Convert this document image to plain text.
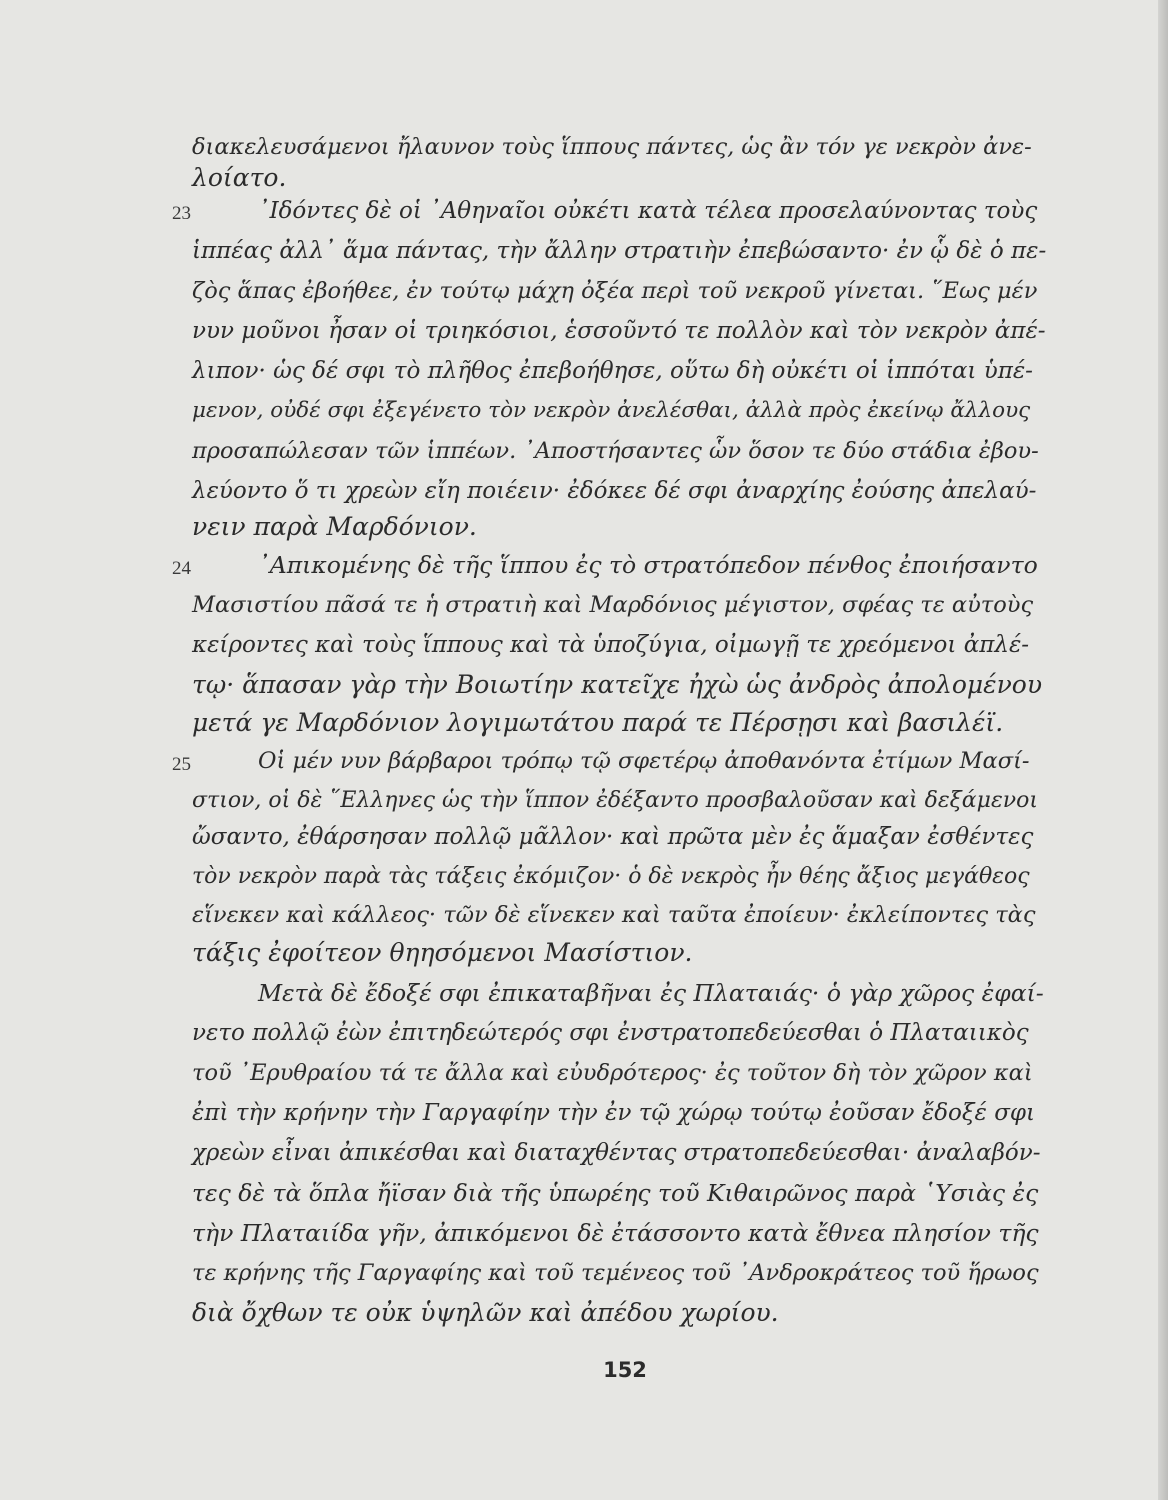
διακελευσάμενοι ἤλαυνον τοὺς ἵππους πάντες, ὡς ἂν τόν γε νεκρὸν ἀνε-
λοίατο.
23	᾽Ιδόντες δὲ οἱ ᾽Αθηναῖοι οὐκέτι κατὰ τέλεα προσελαύνοντας τοὺς
ἱππέας ἀλλ᾽ ἅμα πάντας, τὴν ἄλλην στρατιὴν ἐπεβώσαντο· ἐν ᾧ δὲ ὁ πε-
ζὸς ἅπας ἐβοήθεε, ἐν τούτῳ μάχη ὀξέα περὶ τοῦ νεκροῦ γίνεται. ῞Εως μέν
νυν μοῦνοι ἦσαν οἱ τριηκόσιοι, ἑσσοῦντό τε πολλὸν καὶ τὸν νεκρὸν ἀπέ-
λιπον· ὡς δέ σφι τὸ πλῆθος ἐπεβοήθησε, οὕτω δὴ οὐκέτι οἱ ἱππόται ὑπέ-
μενον, οὐδέ σφι ἐξεγένετο τὸν νεκρὸν ἀνελέσθαι, ἀλλὰ πρὸς ἐκείνῳ ἄλλους
προσαπώλεσαν τῶν ἱππέων. ᾽Αποστήσαντες ὧν ὅσον τε δύο στάδια ἐβου-
λεύοντο ὅ τι χρεὼν εἴη ποιέειν· ἐδόκεε δέ σφι ἀναρχίης ἐούσης ἀπελαύ-
νειν παρὰ Μαρδόνιον.
24	᾽Απικομένης δὲ τῆς ἵππου ἐς τὸ στρατόπεδον πένθος ἐποιήσαντο
Μασιστίου πᾶσά τε ἡ στρατιὴ καὶ Μαρδόνιος μέγιστον, σφέας τε αὐτοὺς
κείροντες καὶ τοὺς ἵππους καὶ τὰ ὑποζύγια, οἰμωγῇ τε χρεόμενοι ἀπλέ-
τῳ· ἅπασαν γὰρ τὴν Βοιωτίην κατεῖχε ἠχὼ ὡς ἀνδρὸς ἀπολομένου
μετά γε Μαρδόνιον λογιμωτάτου παρά τε Πέρσῃσι καὶ βασιλέϊ.
25	Οἱ μέν νυν βάρβαροι τρόπῳ τῷ σφετέρῳ ἀποθανόντα ἐτίμων Μασί-
στιον, οἱ δὲ ῞Ελληνες ὡς τὴν ἵππον ἐδέξαντο προσβαλοῦσαν καὶ δεξάμενοι
ὤσαντο, ἐθάρσησαν πολλῷ μᾶλλον· καὶ πρῶτα μὲν ἐς ἅμαξαν ἐσθέντες
τὸν νεκρὸν παρὰ τὰς τάξεις ἐκόμιζον· ὁ δὲ νεκρὸς ἦν θέης ἄξιος μεγάθεος
εἵνεκεν καὶ κάλλεος· τῶν δὲ εἵνεκεν καὶ ταῦτα ἐποίευν· ἐκλείποντες τὰς
τάξις ἐφοίτεον θηησόμενοι Μασίστιον.
Μετὰ δὲ ἔδοξέ σφι ἐπικαταβῆναι ἐς Πλαταιάς· ὁ γὰρ χῶρος ἐφαί-
νετο πολλῷ ἐὼν ἐπιτηδεώτερός σφι ἐνστρατοπεδεύεσθαι ὁ Πλαταιικὸς
τοῦ ᾽Ερυθραίου τά τε ἄλλα καὶ εὐυδρότερος· ἐς τοῦτον δὴ τὸν χῶρον καὶ
ἐπὶ τὴν κρήνην τὴν Γαργαφίην τὴν ἐν τῷ χώρῳ τούτῳ ἐοῦσαν ἔδοξέ σφι
χρεὼν εἶναι ἀπικέσθαι καὶ διαταχθέντας στρατοπεδεύεσθαι· ἀναλαβόν-
τες δὲ τὰ ὅπλα ἤϊσαν διὰ τῆς ὑπωρέης τοῦ Κιθαιρῶνος παρὰ ῾Υσιὰς ἐς
τὴν Πλαταιίδα γῆν, ἀπικόμενοι δὲ ἐτάσσοντο κατὰ ἔθνεα πλησίον τῆς
τε κρήνης τῆς Γαργαφίης καὶ τοῦ τεμένεος τοῦ ᾽Ανδροκράτεος τοῦ ἥρωος
διὰ ὄχθων τε οὐκ ὑψηλῶν καὶ ἀπέδου χωρίου.
152
